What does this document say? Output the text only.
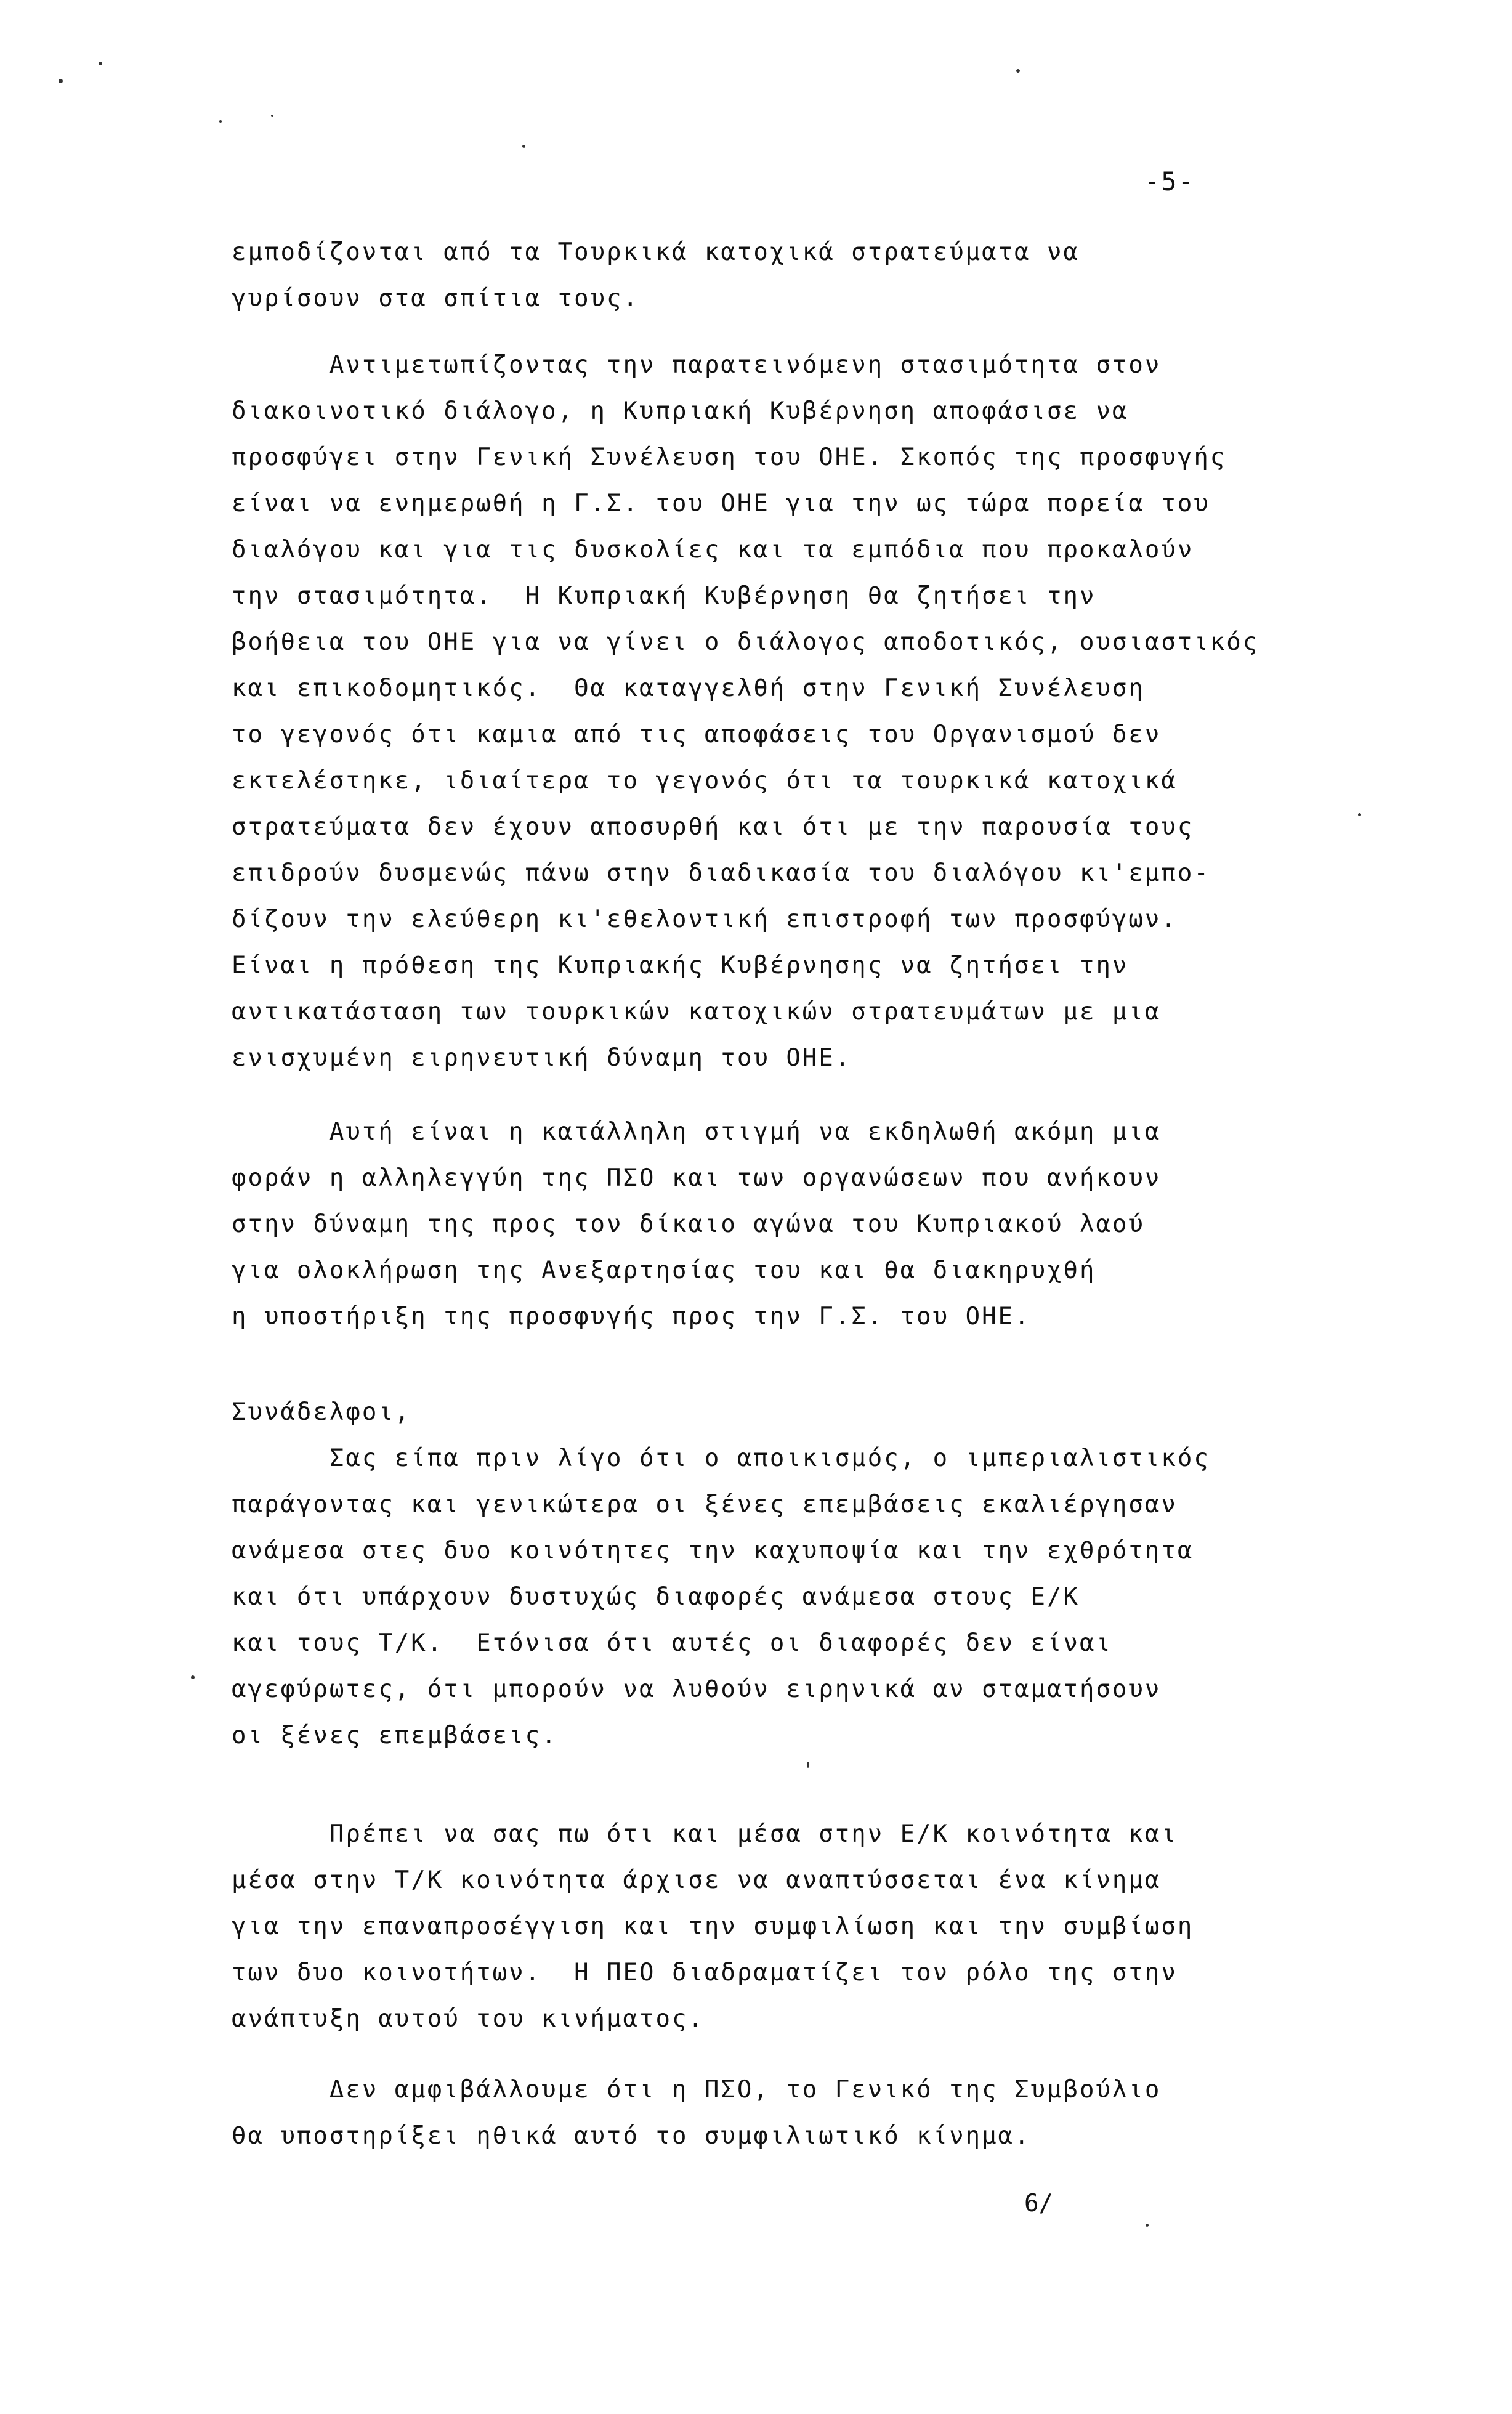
-5-

εμποδίζονται από τα Τουρκικά κατοχικά στρατεύματα να
γυρίσουν στα σπίτια τους.

Αντιμετωπίζοντας την παρατεινόμενη στασιμότητα στον
διακοινοτικό διάλογο, η Κυπριακή Κυβέρνηση αποφάσισε να
προσφύγει στην Γενική Συνέλευση του ΟΗΕ. Σκοπός της προσφυγής
είναι να ενημερωθή η Γ.Σ. του ΟΗΕ για την ως τώρα πορεία του
διαλόγου και για τις δυσκολίες και τα εμπόδια που προκαλούν
την στασιμότητα.  Η Κυπριακή Κυβέρνηση θα ζητήσει την
βοήθεια του ΟΗΕ για να γίνει ο διάλογος αποδοτικός, ουσιαστικός
και επικοδομητικός.  Θα καταγγελθή στην Γενική Συνέλευση
το γεγονός ότι καμια από τις αποφάσεις του Οργανισμού δεν
εκτελέστηκε, ιδιαίτερα το γεγονός ότι τα τουρκικά κατοχικά
στρατεύματα δεν έχουν αποσυρθή και ότι με την παρουσία τους
επιδρούν δυσμενώς πάνω στην διαδικασία του διαλόγου κι'εμπο-
δίζουν την ελεύθερη κι'εθελοντική επιστροφή των προσφύγων.
Είναι η πρόθεση της Κυπριακής Κυβέρνησης να ζητήσει την
αντικατάσταση των τουρκικών κατοχικών στρατευμάτων με μια
ενισχυμένη ειρηνευτική δύναμη του ΟΗΕ.

Αυτή είναι η κατάλληλη στιγμή να εκδηλωθή ακόμη μια
φοράν η αλληλεγγύη της ΠΣΟ και των οργανώσεων που ανήκουν
στην δύναμη της προς τον δίκαιο αγώνα του Κυπριακού λαού
για ολοκλήρωση της Ανεξαρτησίας του και θα διακηρυχθή
η υποστήριξη της προσφυγής προς την Γ.Σ. του ΟΗΕ.

Συνάδελφοι,
Σας είπα πριν λίγο ότι ο αποικισμός, ο ιμπεριαλιστικός
παράγοντας και γενικώτερα οι ξένες επεμβάσεις εκαλιέργησαν
ανάμεσα στες δυο κοινότητες την καχυποψία και την εχθρότητα
και ότι υπάρχουν δυστυχώς διαφορές ανάμεσα στους Ε/Κ
και τους Τ/Κ.  Ετόνισα ότι αυτές οι διαφορές δεν είναι
αγεφύρωτες, ότι μπορούν να λυθούν ειρηνικά αν σταματήσουν
οι ξένες επεμβάσεις.

Πρέπει να σας πω ότι και μέσα στην Ε/Κ κοινότητα και
μέσα στην Τ/Κ κοινότητα άρχισε να αναπτύσσεται ένα κίνημα
για την επαναπροσέγγιση και την συμφιλίωση και την συμβίωση
των δυο κοινοτήτων.  Η ΠΕΟ διαδραματίζει τον ρόλο της στην
ανάπτυξη αυτού του κινήματος.

Δεν αμφιβάλλουμε ότι η ΠΣΟ, το Γενικό της Συμβούλιο
θα υποστηρίξει ηθικά αυτό το συμφιλιωτικό κίνημα.

6/
